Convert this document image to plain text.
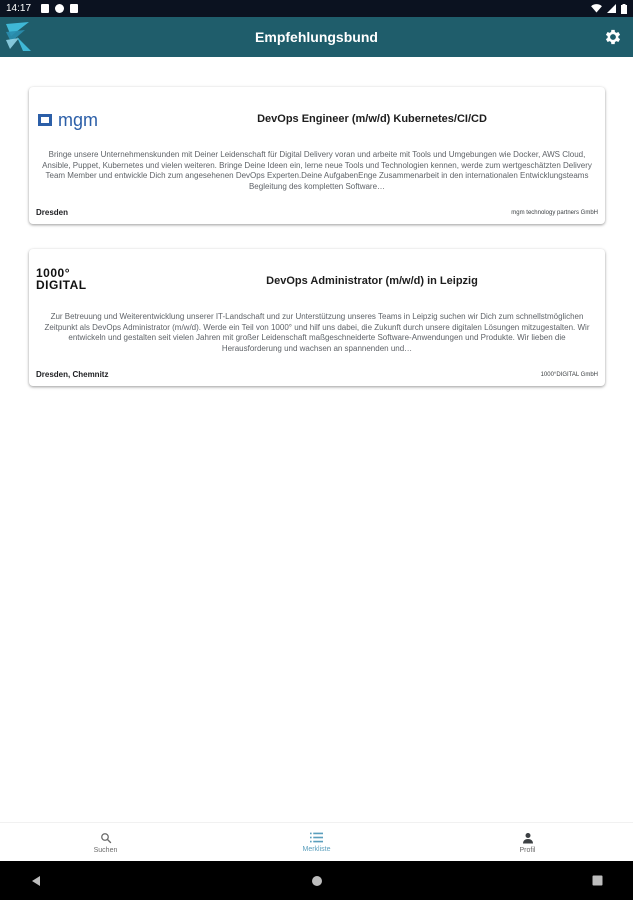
14:17
Empfehlungsbund
mgm	DevOps Engineer (m/w/d) Kubernetes/CI/CD
Bringe unsere Unternehmenskunden mit Deiner Leidenschaft für Digital Delivery voran und arbeite mit Tools und Umgebungen wie Docker, AWS Cloud, Ansible, Puppet, Kubernetes und vielen weiteren. Bringe Deine Ideen ein, lerne neue Tools und Technologien kennen, werde zum wertgeschätzten Delivery Team Member und entwickle Dich zum angesehenen DevOps Experten.Deine AufgabenEnge Zusammenarbeit in den internationalen Entwicklungsteams Begleitung des kompletten Software…
Dresden	mgm technology partners GmbH
1000°
DIGITAL	DevOps Administrator (m/w/d) in Leipzig
Zur Betreuung und Weiterentwicklung unserer IT-Landschaft und zur Unterstützung unseres Teams in Leipzig suchen wir Dich zum schnellstmöglichen Zeitpunkt als DevOps Administrator (m/w/d). Werde ein Teil von 1000° und hilf uns dabei, die Zukunft durch unsere digitalen Lösungen mitzugestalten. Wir entwickeln und gestalten seit vielen Jahren mit großer Leidenschaft maßgeschneiderte Software-Anwendungen und Produkte. Wir lieben die Herausforderung und wachsen an spannenden und…
Dresden, Chemnitz	1000°DIGITAL GmbH
Suchen	Merkliste	Profil
